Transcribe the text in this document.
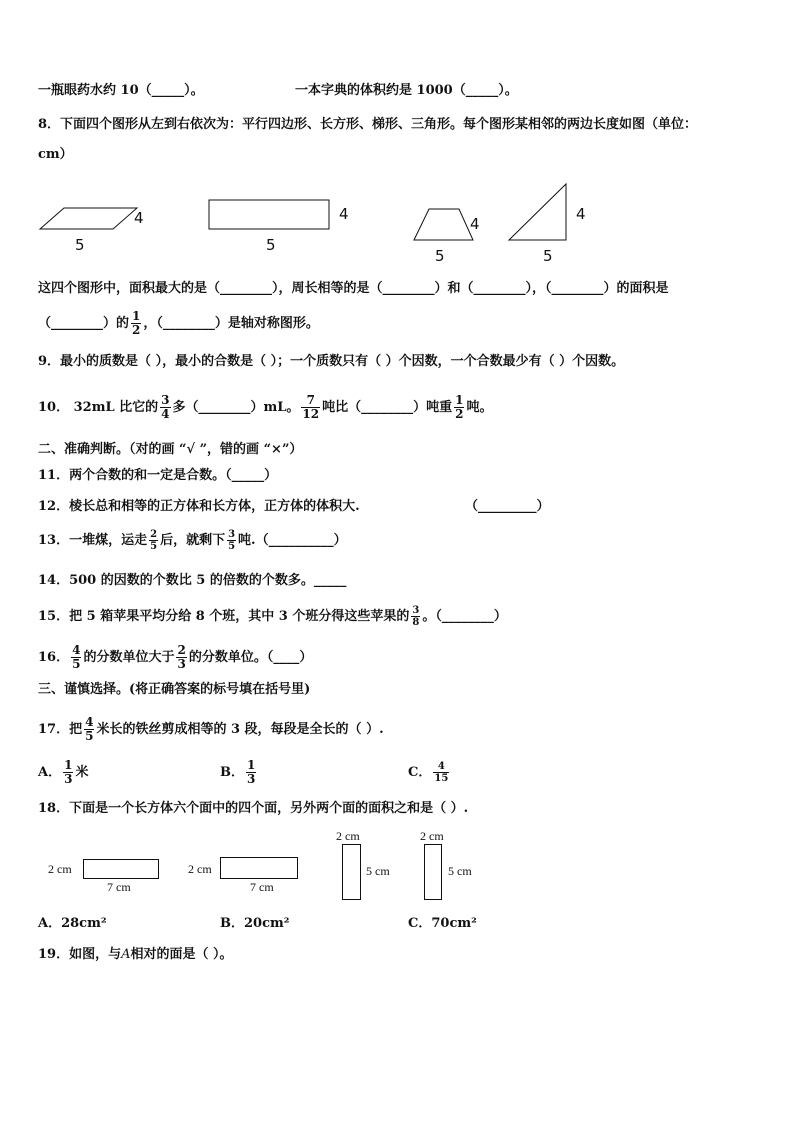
一瓶眼药水约 10（_____）。	一本字典的体积约是 1000（_____）。
8．下面四个图形从左到右依次为：平行四边形、长方形、梯形、三角形。每个图形某相邻的两边长度如图（单位：
cm）
4
5
4
5
4
5
4
5
这四个图形中，面积最大的是（________），周长相等的是（________）和（________），（________）的面积是
（________）的 $\frac{1}{2}$ ，（________）是轴对称图形。
9．最小的质数是（ ），最小的合数是（ ）；一个质数只有（ ）个因数，一个合数最少有（ ）个因数。
10． 32mL 比它的 $\frac{3}{4}$ 多（________）mL。 $\frac{7}{12}$ 吨比（________）吨重 $\frac{1}{2}$ 吨。
二、准确判断。（对的画 “√ ”，错的画 “×”）
11．两个合数的和一定是合数。（_____）
12．棱长总和相等的正方体和长方体，正方体的体积大.	（_________）
13．一堆煤，运走 $\frac{2}{5}$ 后，就剩下 $\frac{3}{5}$ 吨.（__________）
14．500 的因数的个数比 5 的倍数的个数多。_____
15．把 5 箱苹果平均分给 8 个班，其中 3 个班分得这些苹果的 $\frac{3}{8}$ 。（________）
16． $\frac{4}{5}$ 的分数单位大于 $\frac{2}{3}$ 的分数单位。（____）
三、谨慎选择。(将正确答案的标号填在括号里)
17．把 $\frac{4}{5}$ 米长的铁丝剪成相等的 3 段，每段是全长的（ ）.
A． $\frac{1}{3}$ 米	B． $\frac{1}{3}$	C． $\frac{4}{15}$
18．下面是一个长方体六个面中的四个面，另外两个面的面积之和是（ ）.
2 cm
7 cm
2 cm
7 cm
2 cm
5 cm
2 cm
5 cm
A．28cm²	B．20cm²	C．70cm²
19．如图，与A相对的面是（ ）。
